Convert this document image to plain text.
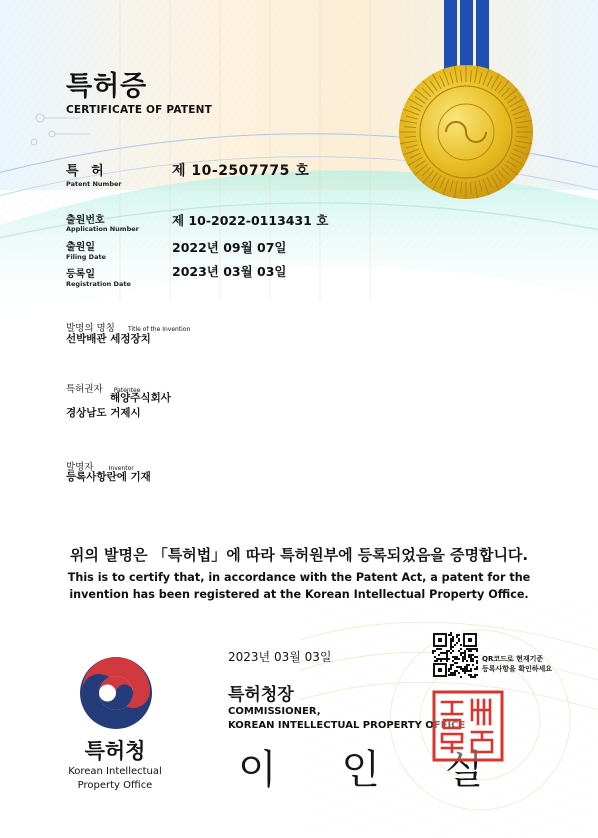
특허증
CERTIFICATE OF PATENT
특 허
Patent Number
제 10-2507775 호
출원번호
Application Number
제 10-2022-0113431 호
출원일
Filing Date
2022년 09월 07일
등록일
Registration Date
2023년 03월 03일
발명의 명칭 Title of the Invention
선박배관 세정장치
특허권자 Patentee
해양주식회사
경상남도 거제시
발명자	Inventor
등록사항란에 기재
위의 발명은 「특허법」에 따라 특허원부에 등록되었음을 증명합니다.
This is to certify that, in accordance with the Patent Act, a patent for the
invention has been registered at the Korean Intellectual Property Office.
2023년 03월 03일
특허청장
COMMISSIONER,
KOREAN INTELLECTUAL PROPERTY OFFICE
이 인 실
특허청
Korean Intellectual
Property Office
QR코드로 현재기준
등록사항을 확인하세요
